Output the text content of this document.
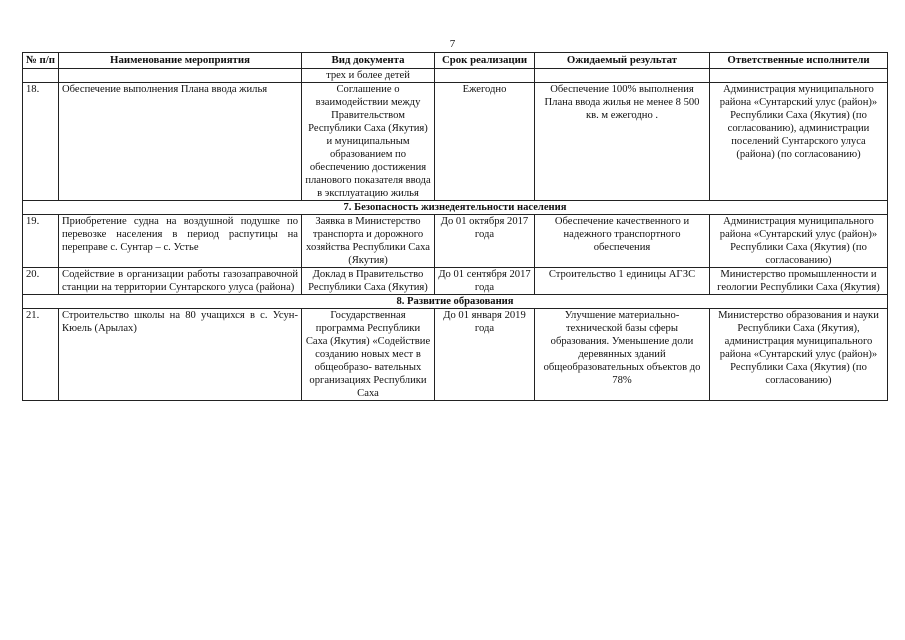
7
№ п/п	Наименование мероприятия	Вид документа	Срок реализации	Ожидаемый результат	Ответственные исполнители
		трех и более детей			
18.	Обеспечение выполнения Плана ввода жилья	Соглашение о взаимодействии между Правительством Республики Саха (Якутия) и муниципальным образованием по обеспечению достижения планового показателя ввода в эксплуатацию жилья	Ежегодно	Обеспечение 100% выполнения Плана ввода жилья не менее 8 500 кв. м ежегодно .	Администрация муниципального района «Сунтарский улус (район)» Республики Саха (Якутия) (по согласованию), администрации поселений Сунтарского улуса (района) (по согласованию)
7. Безопасность жизнедеятельности населения					
19.	Приобретение судна на воздушной подушке по перевозке населения в период распутицы на переправе с. Сунтар – с. Устье	Заявка в Министерство транспорта и дорожного хозяйства Республики Саха (Якутия)	До 01 октября 2017 года	Обеспечение качественного и надежного транспортного обеспечения	Администрация муниципального района «Сунтарский улус (район)» Республики Саха (Якутия) (по согласованию)
20.	Содействие в организации работы газозаправочной станции на территории Сунтарского улуса (района)	Доклад в Правительство Республики Саха (Якутия)	До 01 сентября 2017 года	Строительство 1 единицы АГЗС	Министерство промышленности и геологии Республики Саха (Якутия)
8. Развитие образования					
21.	Строительство школы на 80 учащихся в с. Усун-Кюель (Арылах)	Государственная программа Республики Саха (Якутия) «Содействие созданию новых мест в общеобразо- вательных организациях Республики Саха	До 01 января 2019 года	Улучшение материально- технической базы сферы образования. Уменьшение доли деревянных зданий общеобразовательных объектов до 78%	Министерство образования и науки Республики Саха (Якутия), администрация муниципального района «Сунтарский улус (район)» Республики Саха (Якутия) (по согласованию)
